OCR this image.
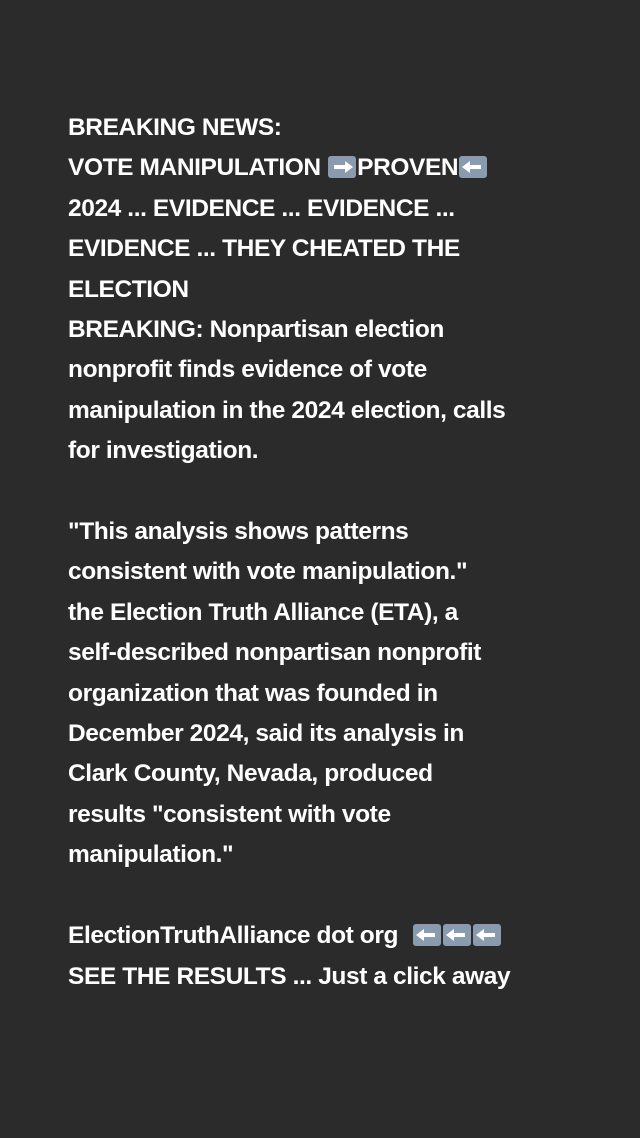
BREAKING NEWS:
VOTE MANIPULATION PROVEN
2024 ... EVIDENCE ... EVIDENCE ...
EVIDENCE ... THEY CHEATED THE
ELECTION
BREAKING: Nonpartisan election
nonprofit finds evidence of vote
manipulation in the 2024 election, calls
for investigation.
"This analysis shows patterns
consistent with vote manipulation."
the Election Truth Alliance (ETA), a
self-described nonpartisan nonprofit
organization that was founded in
December 2024, said its analysis in
Clark County, Nevada, produced
results "consistent with vote
manipulation."
ElectionTruthAlliance dot org
SEE THE RESULTS ... Just a click away
